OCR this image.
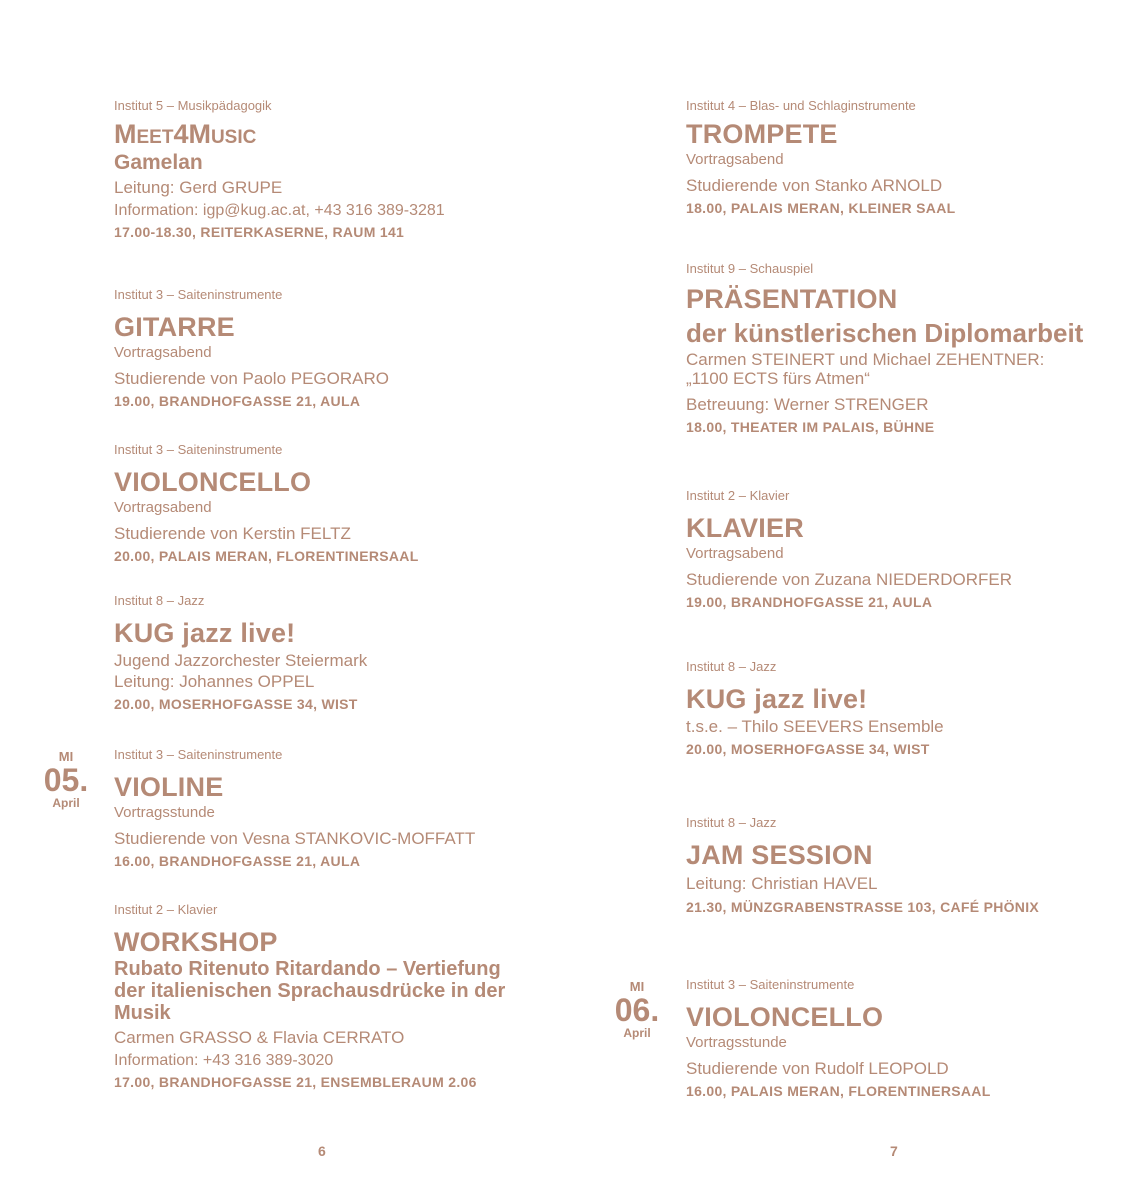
Institut 5 – Musikpädagogik
Meet4Music
Gamelan
Leitung: Gerd GRUPE
Information: igp@kug.ac.at, +43 316 389-3281
17.00-18.30, REITERKASERNE, RAUM 141
Institut 3 – Saiteninstrumente
GITARRE
Vortragsabend
Studierende von Paolo PEGORARO
19.00, BRANDHOFGASSE 21, AULA
Institut 3 – Saiteninstrumente
VIOLONCELLO
Vortragsabend
Studierende von Kerstin FELTZ
20.00, PALAIS MERAN, FLORENTINERSAAL
Institut 8 – Jazz
KUG jazz live!
Jugend Jazzorchester Steiermark
Leitung: Johannes OPPEL
20.00, MOSERHOFGASSE 34, WIST
Institut 3 – Saiteninstrumente
VIOLINE
Vortragsstunde
Studierende von Vesna STANKOVIC-MOFFATT
16.00, BRANDHOFGASSE 21, AULA
Institut 2 – Klavier
WORKSHOP
Rubato Ritenuto Ritardando – Vertiefung der italienischen Sprachausdrücke in der Musik
Carmen GRASSO & Flavia CERRATO
Information: +43 316 389-3020
17.00, BRANDHOFGASSE 21, ENSEMBLERAUM 2.06
MI
05.
April
Institut 4 – Blas- und Schlaginstrumente
TROMPETE
Vortragsabend
Studierende von Stanko ARNOLD
18.00, PALAIS MERAN, KLEINER SAAL
Institut 9 – Schauspiel
PRÄSENTATION
der künstlerischen Diplomarbeit
Carmen STEINERT und Michael ZEHENTNER:
„1100 ECTS fürs Atmen“
Betreuung: Werner STRENGER
18.00, THEATER IM PALAIS, BÜHNE
Institut 2 – Klavier
KLAVIER
Vortragsabend
Studierende von Zuzana NIEDERDORFER
19.00, BRANDHOFGASSE 21, AULA
Institut 8 – Jazz
KUG jazz live!
t.s.e. – Thilo SEEVERS Ensemble
20.00, MOSERHOFGASSE 34, WIST
Institut 8 – Jazz
JAM SESSION
Leitung: Christian HAVEL
21.30, MÜNZGRABENSTRASSE 103, CAFÉ PHÖNIX
Institut 3 – Saiteninstrumente
VIOLONCELLO
Vortragsstunde
Studierende von Rudolf LEOPOLD
16.00, PALAIS MERAN, FLORENTINERSAAL
MI
06.
April
6	7
